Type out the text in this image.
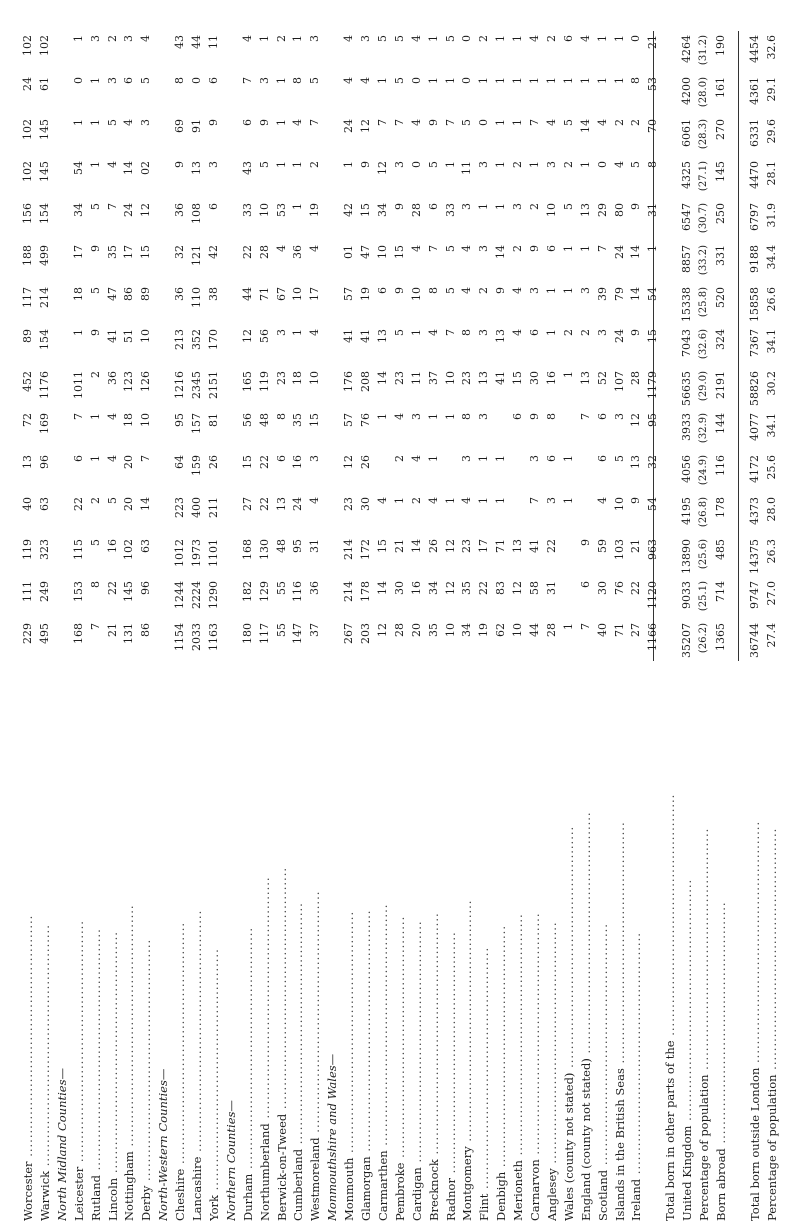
Worcester .....
229
111
119
40
13
72
452
89
117
188
156
102
102
24
102
Warwick .....
495
249
323
63
96
169
1176
154
214
499
154
145
145
61
102
North Midland Counties— Leicester .....
168
153
115
22
6
7
1011
1
18
17
34
54
1
0
1
Rutland .....
7
8
5
2
1
1
2
9
5
9
5
1
1
1
3
Lincoln .....
21
22
16
5
4
4
36
41
47
35
7
4
5
3
2
Nottingham .....
131
145
102
20
20
18
123
51
86
17
24
14
4
6
3
Derby .....
86
96
63
14
7
10
126
10
89
15
12
02
3
5
4
North-Western Counties— Cheshire .....
1154
1244
1012
223
64
95
1216
213
36
32
36
9
69
8
43
Lancashire .....
2033
2224
1973
400
159
157
2345
352
110
121
108
13
91
0
44
York .....
1163
1290
1101
211
26
81
2151
170
38
42
6
3
9
6
11
Northern Counties— Durham .....
180
182
168
27
15
56
165
12
44
22
33
43
6
7
4
Northumberland .....
117
129
130
22
22
48
119
56
71
28
10
5
9
3
1
Berwick-on-Tweed .....
55
55
48
13
6
8
23
3
67
4
53
1
1
1
2
Cumberland .....
147
116
95
24
16
35
18
1
10
36
1
1
4
8
1
Westmoreland .....
37
36
31
4
3
15
10
4
17
4
19
2
7
5
3
Monmouthshire and Wales— Monmouth .....
267
214
214
23
12
57
176
41
57
01
42
1
24
4
4
Glamorgan .....
203
178
172
30
26
76
208
41
19
47
15
9
12
4
3
Carmarthen .....
12
14
15
4
1
14
13
6
10
34
12
7
1
5
Pembroke .....
28
30
21
1
2
4
23
5
9
15
9
3
7
5
5
Cardigan .....
20
16
14
2
4
3
11
1
10
4
28
0
4
0
4
Brecknock .....
35
34
26
4
1
1
37
4
8
7
6
5
9
1
1
Radnor .....
10
12
12
1
1
10
7
5
5
33
1
7
1
5
Montgomery .....
34
35
23
4
3
8
23
8
4
4
3
11
5
0
0
Flint .....
19
22
17
1
1
3
13
3
2
3
1
3
0
1
2
Denbigh .....
62
83
71
1
1
41
13
9
14
1
1
1
1
1
Merioneth .....
10
12
13
6
15
4
4
2
3
2
1
1
1
Carnarvon .....
44
58
41
7
3
9
30
6
3
9
2
1
7
1
4
Anglesey .....
28
31
22
3
6
8
16
1
1
6
10
3
4
1
2
Wales (county not stated) .....
1
1
1
1
2
1
1
5
2
5
1
6
England (county not stated) .....
7
6
9
7
13
2
3
1
13
1
14
1
4
Scotland .....
40
30
59
4
6
6
52
3
39
7
29
0
4
1
1
Islands in the British Seas .....
71
76
103
10
5
3
107
24
79
24
80
4
2
1
1
Ireland .....
27
22
21
9
13
12
28
9
14
14
9
5
2
8
0
1166
1120
963
54
32
95
1179
15
54
1
31
8
70
53
21
Total born in other parts of the ..... United Kingdom .....
35207
9033
13890
4195
4056
3933
56635
7043
15338
8857
6547
4325
6061
4200
4264
Percentage of population .....
(26.2)
(25.1)
(25.6)
(26.8)
(24.9)
(32.9)
(29.0)
(32.6)
(25.8)
(33.2)
(30.7)
(27.1)
(28.3)
(28.0)
(31.2)
Born abroad .....
1365
714
485
178
116
144
2191
324
520
331
250
145
270
161
190
Total born outside London .....
36744
9747
14375
4373
4172
4077
58826
7367
15858
9188
6797
4470
6331
4361
4454
Percentage of population .....
27.4
27.0
26.3
28.0
25.6
34.1
30.2
34.1
26.6
34.4
31.9
28.1
29.6
29.1
32.6
